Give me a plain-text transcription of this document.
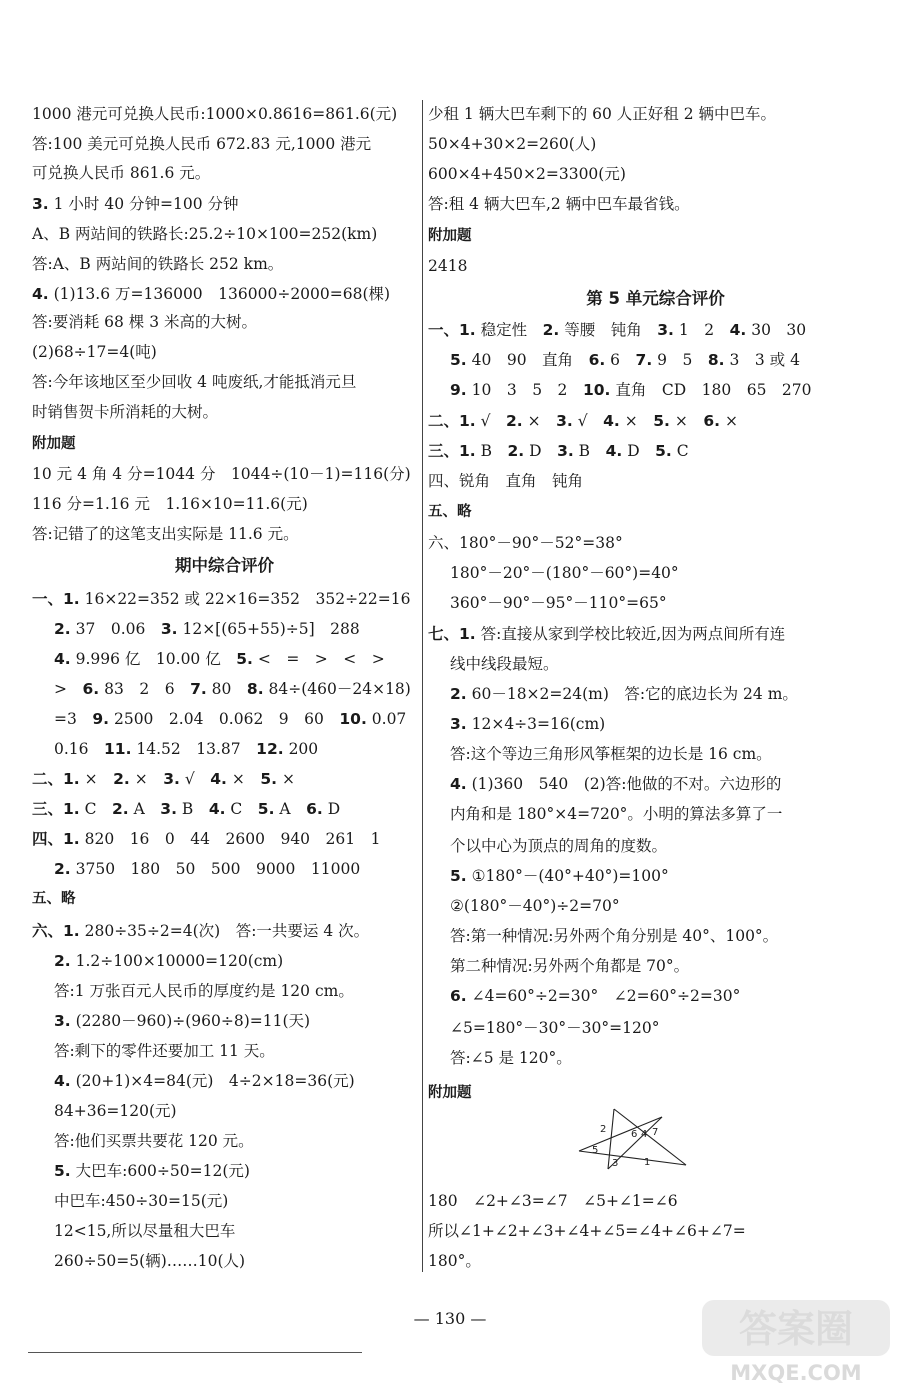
1000 港元可兑换人民币:1000×0.8616=861.6(元)
答:100 美元可兑换人民币 672.83 元,1000 港元
可兑换人民币 861.6 元。
3. 1 小时 40 分钟=100 分钟
A、B 两站间的铁路长:25.2÷10×100=252(km)
答:A、B 两站间的铁路长 252 km。
4. (1)13.6 万=136000　136000÷2000=68(棵)
答:要消耗 68 棵 3 米高的大树。
(2)68÷17=4(吨)
答:今年该地区至少回收 4 吨废纸,才能抵消元旦
时销售贺卡所消耗的大树。
附加题
10 元 4 角 4 分=1044 分　1044÷(10－1)=116(分)
116 分=1.16 元　1.16×10=11.6(元)
答:记错了的这笔支出实际是 11.6 元。
期中综合评价
一、1. 16×22=352 或 22×16=352　352÷22=16
2. 37　0.06　3. 12×[(65+55)÷5]　288
4. 9.996 亿　10.00 亿　5. <　=　>　<　>
>　6. 83　2　6　7. 80　8. 84÷(460－24×18)
=3　9. 2500　2.04　0.062　9　60　10. 0.07
0.16　11. 14.52　13.87　12. 200
二、1. ×　2. ×　3. √　4. ×　5. ×
三、1. C　2. A　3. B　4. C　5. A　6. D
四、1. 820　16　0　44　2600　940　261　1
2. 3750　180　50　500　9000　11000
五、略
六、1. 280÷35÷2=4(次)　答:一共要运 4 次。
2. 1.2÷100×10000=120(cm)
答:1 万张百元人民币的厚度约是 120 cm。
3. (2280－960)÷(960÷8)=11(天)
答:剩下的零件还要加工 11 天。
4. (20+1)×4=84(元)　4÷2×18=36(元)
84+36=120(元)
答:他们买票共要花 120 元。
5. 大巴车:600÷50=12(元)
中巴车:450÷30=15(元)
12<15,所以尽量租大巴车
260÷50=5(辆)……10(人)
少租 1 辆大巴车剩下的 60 人正好租 2 辆中巴车。
50×4+30×2=260(人)
600×4+450×2=3300(元)
答:租 4 辆大巴车,2 辆中巴车最省钱。
附加题
2418
第 5 单元综合评价
一、1. 稳定性　2. 等腰　钝角　3. 1　2　4. 30　30
5. 40　90　直角　6. 6　7. 9　5　8. 3　3 或 4
9. 10　3　5　2　10. 直角　CD　180　65　270
二、1. √　2. ×　3. √　4. ×　5. ×　6. ×
三、1. B　2. D　3. B　4. D　5. C
四、锐角　直角　钝角
五、略
六、180°－90°－52°=38°
180°－20°－(180°－60°)=40°
360°－90°－95°－110°=65°
七、1. 答:直接从家到学校比较近,因为两点间所有连
线中线段最短。
2. 60－18×2=24(m)　答:它的底边长为 24 m。
3. 12×4÷3=16(cm)
答:这个等边三角形风筝框架的边长是 16 cm。
4. (1)360　540　(2)答:他做的不对。六边形的
内角和是 180°×4=720°。小明的算法多算了一
个以中心为顶点的周角的度数。
5. ①180°－(40°+40°)=100°
②(180°－40°)÷2=70°
答:第一种情况:另外两个角分别是 40°、100°。
第二种情况:另外两个角都是 70°。
6. ∠4=60°÷2=30°　∠2=60°÷2=30°
∠5=180°－30°－30°=120°
答:∠5 是 120°。
附加题
180　∠2+∠3=∠7　∠5+∠1=∠6
所以∠1+∠2+∠3+∠4+∠5=∠4+∠6+∠7=
180°。
1
2
3
4
5
6 7
— 130 —	答案圈
MXQE.COM
